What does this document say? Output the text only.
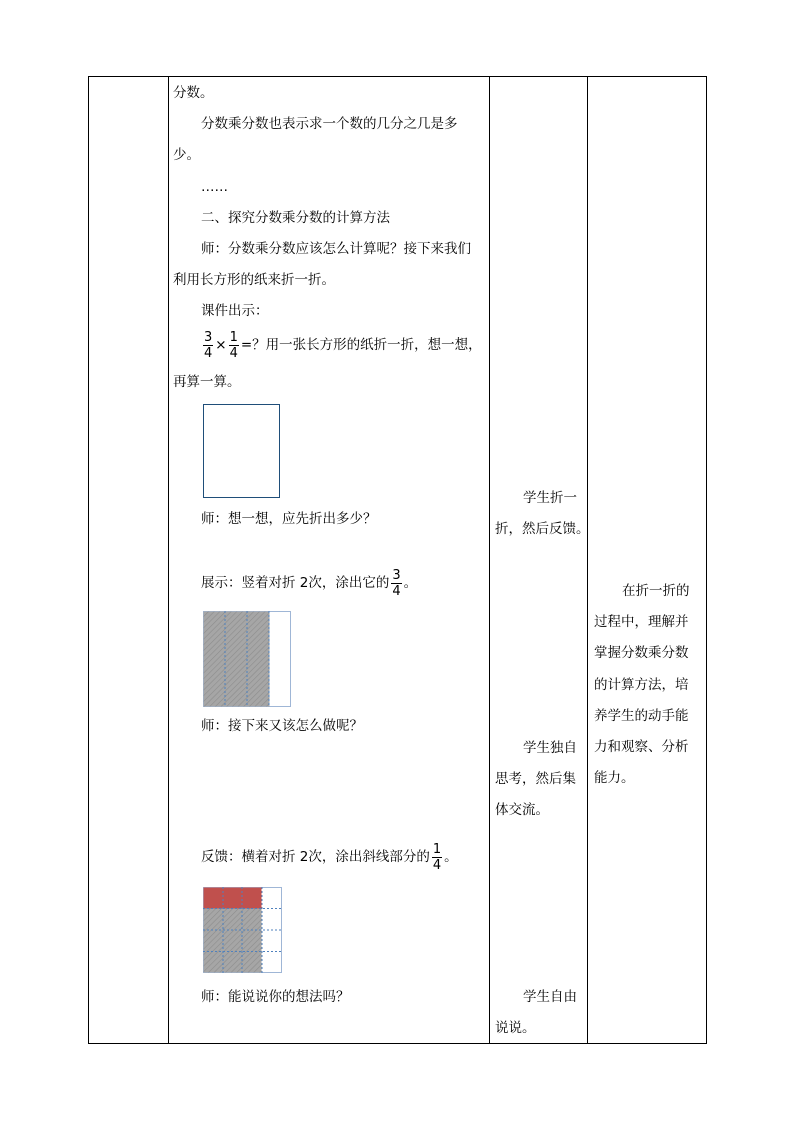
分数。
分数乘分数也表示求一个数的几分之几是多
少。
……
二、探究分数乘分数的计算方法
师：分数乘分数应该怎么计算呢？接下来我们
利用长方形的纸来折一折。
课件出示：
$\frac{3}{4} \times \frac{1}{4}$ =？用一张长方形的纸折一折，想一想，
再算一算。
师：想一想，应先折出多少？
展示：竖着对折 2次，涂出它的 $\frac{3}{4}$ 。
师：接下来又该怎么做呢？
反馈：横着对折 2次，涂出斜线部分的 $\frac{1}{4}$ 。
师：能说说你的想法吗？
学生折一
折，然后反馈。
学生独自
思考，然后集
体交流。
学生自由
说说。
在折一折的
过程中，理解并
掌握分数乘分数
的计算方法，培
养学生的动手能
力和观察、分析
能力。
